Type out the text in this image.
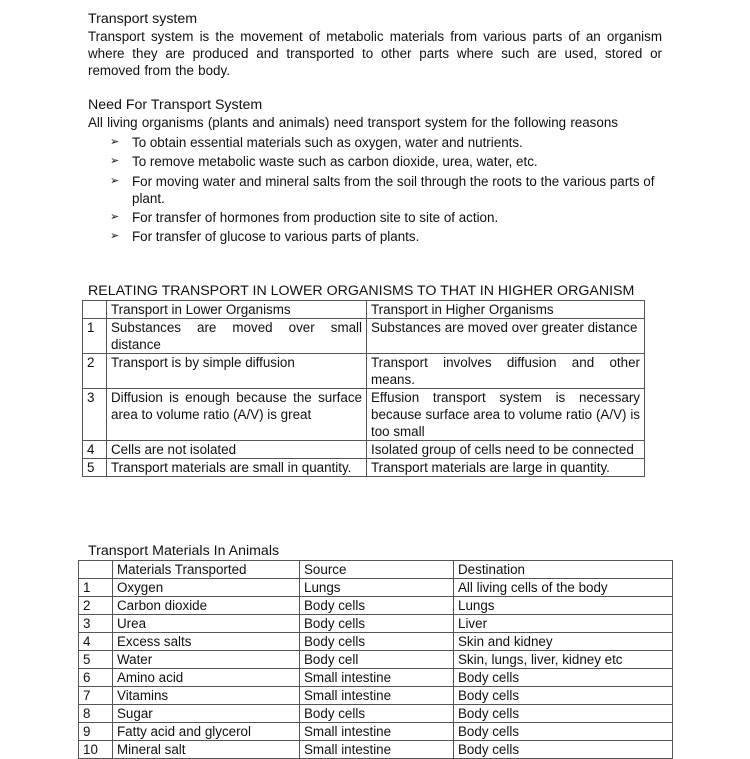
Transport system

Transport system is the movement of metabolic materials from various parts of an organism where they are produced and transported to other parts where such are used, stored or removed from the body.

Need For Transport System

All living organisms (plants and animals) need transport system for the following reasons

➢ To obtain essential materials such as oxygen, water and nutrients.
➢ To remove metabolic waste such as carbon dioxide, urea, water, etc.
➢ For moving water and mineral salts from the soil through the roots to the various parts of plant.
➢ For transfer of hormones from production site to site of action.
➢ For transfer of glucose to various parts of plants.
RELATING TRANSPORT IN LOWER ORGANISMS TO THAT IN HIGHER ORGANISM
	Transport in Lower Organisms	Transport in Higher Organisms
1	Substances are moved over small distance	Substances are moved over greater distance
2	Transport is by simple diffusion	Transport involves diffusion and other means.
3	Diffusion is enough because the surface area to volume ratio (A/V) is great	Effusion transport system is necessary because surface area to volume ratio (A/V) is too small
4	Cells are not isolated	Isolated group of cells need to be connected
5	Transport materials are small in quantity.	Transport materials are large in quantity.
Transport Materials In Animals
	Materials Transported	Source	Destination
1	Oxygen	Lungs	All living cells of the body
2	Carbon dioxide	Body cells	Lungs
3	Urea	Body cells	Liver
4	Excess salts	Body cells	Skin and kidney
5	Water	Body cell	Skin, lungs, liver, kidney etc
6	Amino acid	Small intestine	Body cells
7	Vitamins	Small intestine	Body cells
8	Sugar	Body cells	Body cells
9	Fatty acid and glycerol	Small intestine	Body cells
10	Mineral salt	Small intestine	Body cells
